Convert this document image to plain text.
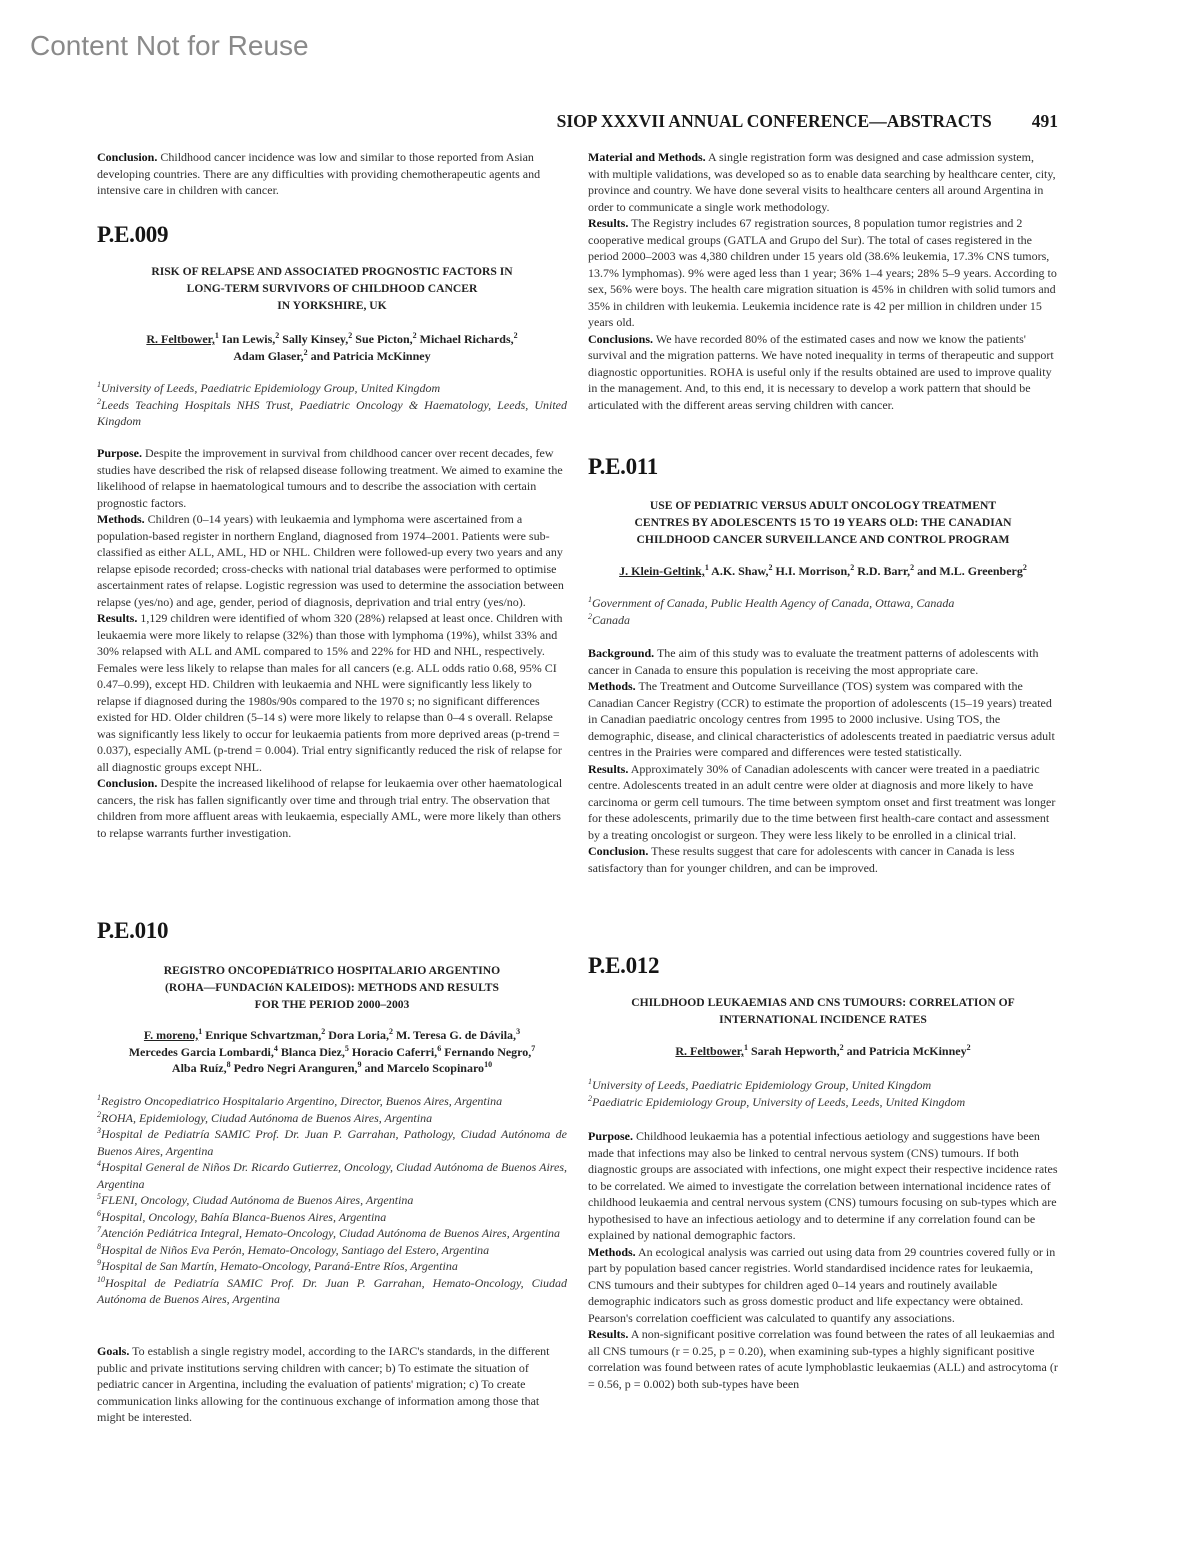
Content Not for Reuse
SIOP XXXVII ANNUAL CONFERENCE—ABSTRACTS 491

Conclusion. Childhood cancer incidence was low and similar to those reported from Asian developing countries. There are any difficulties with providing chemotherapeutic agents and intensive care in children with cancer.

P.E.009
RISK OF RELAPSE AND ASSOCIATED PROGNOSTIC FACTORS IN
LONG-TERM SURVIVORS OF CHILDHOOD CANCER
IN YORKSHIRE, UK
R. Feltbower,$^1$ Ian Lewis,$^2$ Sally Kinsey,$^2$ Sue Picton,$^2$ Michael Richards,$^2$
Adam Glaser,$^2$ and Patricia McKinney
$^1$University of Leeds, Paediatric Epidemiology Group, United Kingdom
$^2$Leeds Teaching Hospitals NHS Trust, Paediatric Oncology & Haematology, Leeds, United Kingdom

Purpose. Despite the improvement in survival from childhood cancer over recent decades, few studies have described the risk of relapsed disease following treatment. We aimed to examine the likelihood of relapse in haematological tumours and to describe the association with certain prognostic factors.

Methods. Children (0–14 years) with leukaemia and lymphoma were ascertained from a population-based register in northern England, diagnosed from 1974–2001. Patients were sub-classified as either ALL, AML, HD or NHL. Children were followed-up every two years and any relapse episode recorded; cross-checks with national trial databases were performed to optimise ascertainment rates of relapse. Logistic regression was used to determine the association between relapse (yes/no) and age, gender, period of diagnosis, deprivation and trial entry (yes/no).

Results. 1,129 children were identified of whom 320 (28%) relapsed at least once. Children with leukaemia were more likely to relapse (32%) than those with lymphoma (19%), whilst 33% and 30% relapsed with ALL and AML compared to 15% and 22% for HD and NHL, respectively. Females were less likely to relapse than males for all cancers (e.g. ALL odds ratio 0.68, 95% CI 0.47–0.99), except HD. Children with leukaemia and NHL were significantly less likely to relapse if diagnosed during the 1980s/90s compared to the 1970 s; no significant differences existed for HD. Older children (5–14 s) were more likely to relapse than 0–4 s overall. Relapse was significantly less likely to occur for leukaemia patients from more deprived areas (p-trend = 0.037), especially AML (p-trend = 0.004). Trial entry significantly reduced the risk of relapse for all diagnostic groups except NHL.

Conclusion. Despite the increased likelihood of relapse for leukaemia over other haematological cancers, the risk has fallen significantly over time and through trial entry. The observation that children from more affluent areas with leukaemia, especially AML, were more likely than others to relapse warrants further investigation.

P.E.010
REGISTRO ONCOPEDIáTRICO HOSPITALARIO ARGENTINO
(ROHA—FUNDACIóN KALEIDOS): METHODS AND RESULTS
FOR THE PERIOD 2000–2003
F. moreno,$^1$ Enrique Schvartzman,$^2$ Dora Loria,$^2$ M. Teresa G. de Dávila,$^3$
Mercedes Garcia Lombardi,$^4$ Blanca Diez,$^5$ Horacio Caferri,$^6$ Fernando Negro,$^7$
Alba Ruíz,$^8$ Pedro Negri Aranguren,$^9$ and Marcelo Scopinaro$^{10}$
$^1$Registro Oncopediatrico Hospitalario Argentino, Director, Buenos Aires, Argentina
$^2$ROHA, Epidemiology, Ciudad Autónoma de Buenos Aires, Argentina
$^3$Hospital de Pediatría SAMIC Prof. Dr. Juan P. Garrahan, Pathology, Ciudad Autónoma de Buenos Aires, Argentina
$^4$Hospital General de Niños Dr. Ricardo Gutierrez, Oncology, Ciudad Autónoma de Buenos Aires, Argentina
$^5$FLENI, Oncology, Ciudad Autónoma de Buenos Aires, Argentina
$^6$Hospital, Oncology, Bahía Blanca-Buenos Aires, Argentina
$^7$Atención Pediátrica Integral, Hemato-Oncology, Ciudad Autónoma de Buenos Aires, Argentina
$^8$Hospital de Niños Eva Perón, Hemato-Oncology, Santiago del Estero, Argentina
$^9$Hospital de San Martín, Hemato-Oncology, Paraná-Entre Ríos, Argentina
$^{10}$Hospital de Pediatría SAMIC Prof. Dr. Juan P. Garrahan, Hemato-Oncology, Ciudad Autónoma de Buenos Aires, Argentina

Goals. To establish a single registry model, according to the IARC's standards, in the different public and private institutions serving children with cancer; b) To estimate the situation of pediatric cancer in Argentina, including the evaluation of patients' migration; c) To create communication links allowing for the continuous exchange of information among those that might be interested.

Material and Methods. A single registration form was designed and case admission system, with multiple validations, was developed so as to enable data searching by healthcare center, city, province and country. We have done several visits to healthcare centers all around Argentina in order to communicate a single work methodology.

Results. The Registry includes 67 registration sources, 8 population tumor registries and 2 cooperative medical groups (GATLA and Grupo del Sur). The total of cases registered in the period 2000–2003 was 4,380 children under 15 years old (38.6% leukemia, 17.3% CNS tumors, 13.7% lymphomas). 9% were aged less than 1 year; 36% 1–4 years; 28% 5–9 years. According to sex, 56% were boys. The health care migration situation is 45% in children with solid tumors and 35% in children with leukemia. Leukemia incidence rate is 42 per million in children under 15 years old.

Conclusions. We have recorded 80% of the estimated cases and now we know the patients' survival and the migration patterns. We have noted inequality in terms of therapeutic and support diagnostic opportunities. ROHA is useful only if the results obtained are used to improve quality in the management. And, to this end, it is necessary to develop a work pattern that should be articulated with the different areas serving children with cancer.

P.E.011
USE OF PEDIATRIC VERSUS ADULT ONCOLOGY TREATMENT
CENTRES BY ADOLESCENTS 15 TO 19 YEARS OLD: THE CANADIAN
CHILDHOOD CANCER SURVEILLANCE AND CONTROL PROGRAM
J. Klein-Geltink,$^1$ A.K. Shaw,$^2$ H.I. Morrison,$^2$ R.D. Barr,$^2$ and M.L. Greenberg$^2$
$^1$Government of Canada, Public Health Agency of Canada, Ottawa, Canada
$^2$Canada

Background. The aim of this study was to evaluate the treatment patterns of adolescents with cancer in Canada to ensure this population is receiving the most appropriate care.

Methods. The Treatment and Outcome Surveillance (TOS) system was compared with the Canadian Cancer Registry (CCR) to estimate the proportion of adolescents (15–19 years) treated in Canadian paediatric oncology centres from 1995 to 2000 inclusive. Using TOS, the demographic, disease, and clinical characteristics of adolescents treated in paediatric versus adult centres in the Prairies were compared and differences were tested statistically.

Results. Approximately 30% of Canadian adolescents with cancer were treated in a paediatric centre. Adolescents treated in an adult centre were older at diagnosis and more likely to have carcinoma or germ cell tumours. The time between symptom onset and first treatment was longer for these adolescents, primarily due to the time between first health-care contact and assessment by a treating oncologist or surgeon. They were less likely to be enrolled in a clinical trial.

Conclusion. These results suggest that care for adolescents with cancer in Canada is less satisfactory than for younger children, and can be improved.

P.E.012
CHILDHOOD LEUKAEMIAS AND CNS TUMOURS: CORRELATION OF
INTERNATIONAL INCIDENCE RATES
R. Feltbower,$^1$ Sarah Hepworth,$^2$ and Patricia McKinney$^2$
$^1$University of Leeds, Paediatric Epidemiology Group, United Kingdom
$^2$Paediatric Epidemiology Group, University of Leeds, Leeds, United Kingdom

Purpose. Childhood leukaemia has a potential infectious aetiology and suggestions have been made that infections may also be linked to central nervous system (CNS) tumours. If both diagnostic groups are associated with infections, one might expect their respective incidence rates to be correlated. We aimed to investigate the correlation between international incidence rates of childhood leukaemia and central nervous system (CNS) tumours focusing on sub-types which are hypothesised to have an infectious aetiology and to determine if any correlation found can be explained by national demographic factors.

Methods. An ecological analysis was carried out using data from 29 countries covered fully or in part by population based cancer registries. World standardised incidence rates for leukaemia, CNS tumours and their subtypes for children aged 0–14 years and routinely available demographic indicators such as gross domestic product and life expectancy were obtained. Pearson's correlation coefficient was calculated to quantify any associations.

Results. A non-significant positive correlation was found between the rates of all leukaemias and all CNS tumours (r = 0.25, p = 0.20), when examining sub-types a highly significant positive correlation was found between rates of acute lymphoblastic leukaemias (ALL) and astrocytoma (r = 0.56, p = 0.002) both sub-types have been
